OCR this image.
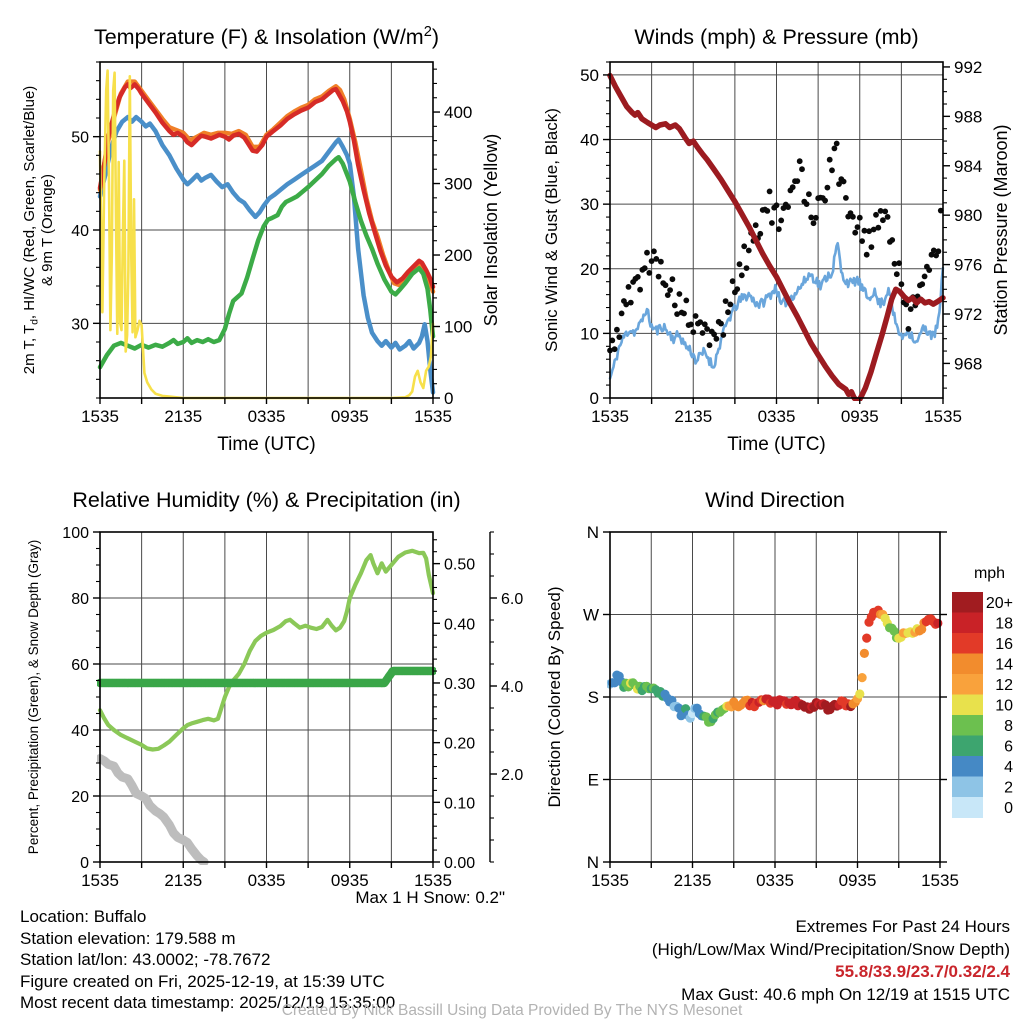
1535	2135	0335	0935	1535
Time (UTC)
30
40
50
2m T, $T_d$, HI/WC (Red, Green, Scarlet/Blue) & 9m T (Orange)
0
100
200
300
400
Solar Insolation (Yellow)
Temperature (F) & Insolation $(W/m^2)$
1535	2135	0335	0935	1535
Time (UTC)
0
10
20
30
40
50
Sonic Wind & Gust (Blue, Black)
968
972
976
980
984
988
992
Station Pressure (Maroon)
Winds (mph) & Pressure (mb)
1535	2135	0335	0935	1535
0
20
40
60
80
100
Percent, Precipitation (Green), & Snow Depth (Gray)
0.00
0.10
0.20
0.30
0.40
0.50
2.0
4.0
6.0
Relative Humidity (%) & Precipitation (in)
1535	2135	0335	0935	1535
N
E
S
W
N
Direction (Colored By Speed)
Wind Direction
mph
20+
18
16
14
12
10
8
6
4
2
0
Max 1 H Snow: 0.2"
Location: Buffalo
Station elevation: 179.588 m
Station lat/lon: 43.0002; -78.7672
Figure created on Fri, 2025-12-19, at 15:39 UTC
Most recent data timestamp: 2025/12/19 15:35:00
Extremes For Past 24 Hours
(High/Low/Max Wind/Precipitation/Snow Depth)
55.8/33.9/23.7/0.32/2.4
Max Gust: 40.6 mph On 12/19 at 1515 UTC
Created By Nick Bassill Using Data Provided By The NYS Mesonet
